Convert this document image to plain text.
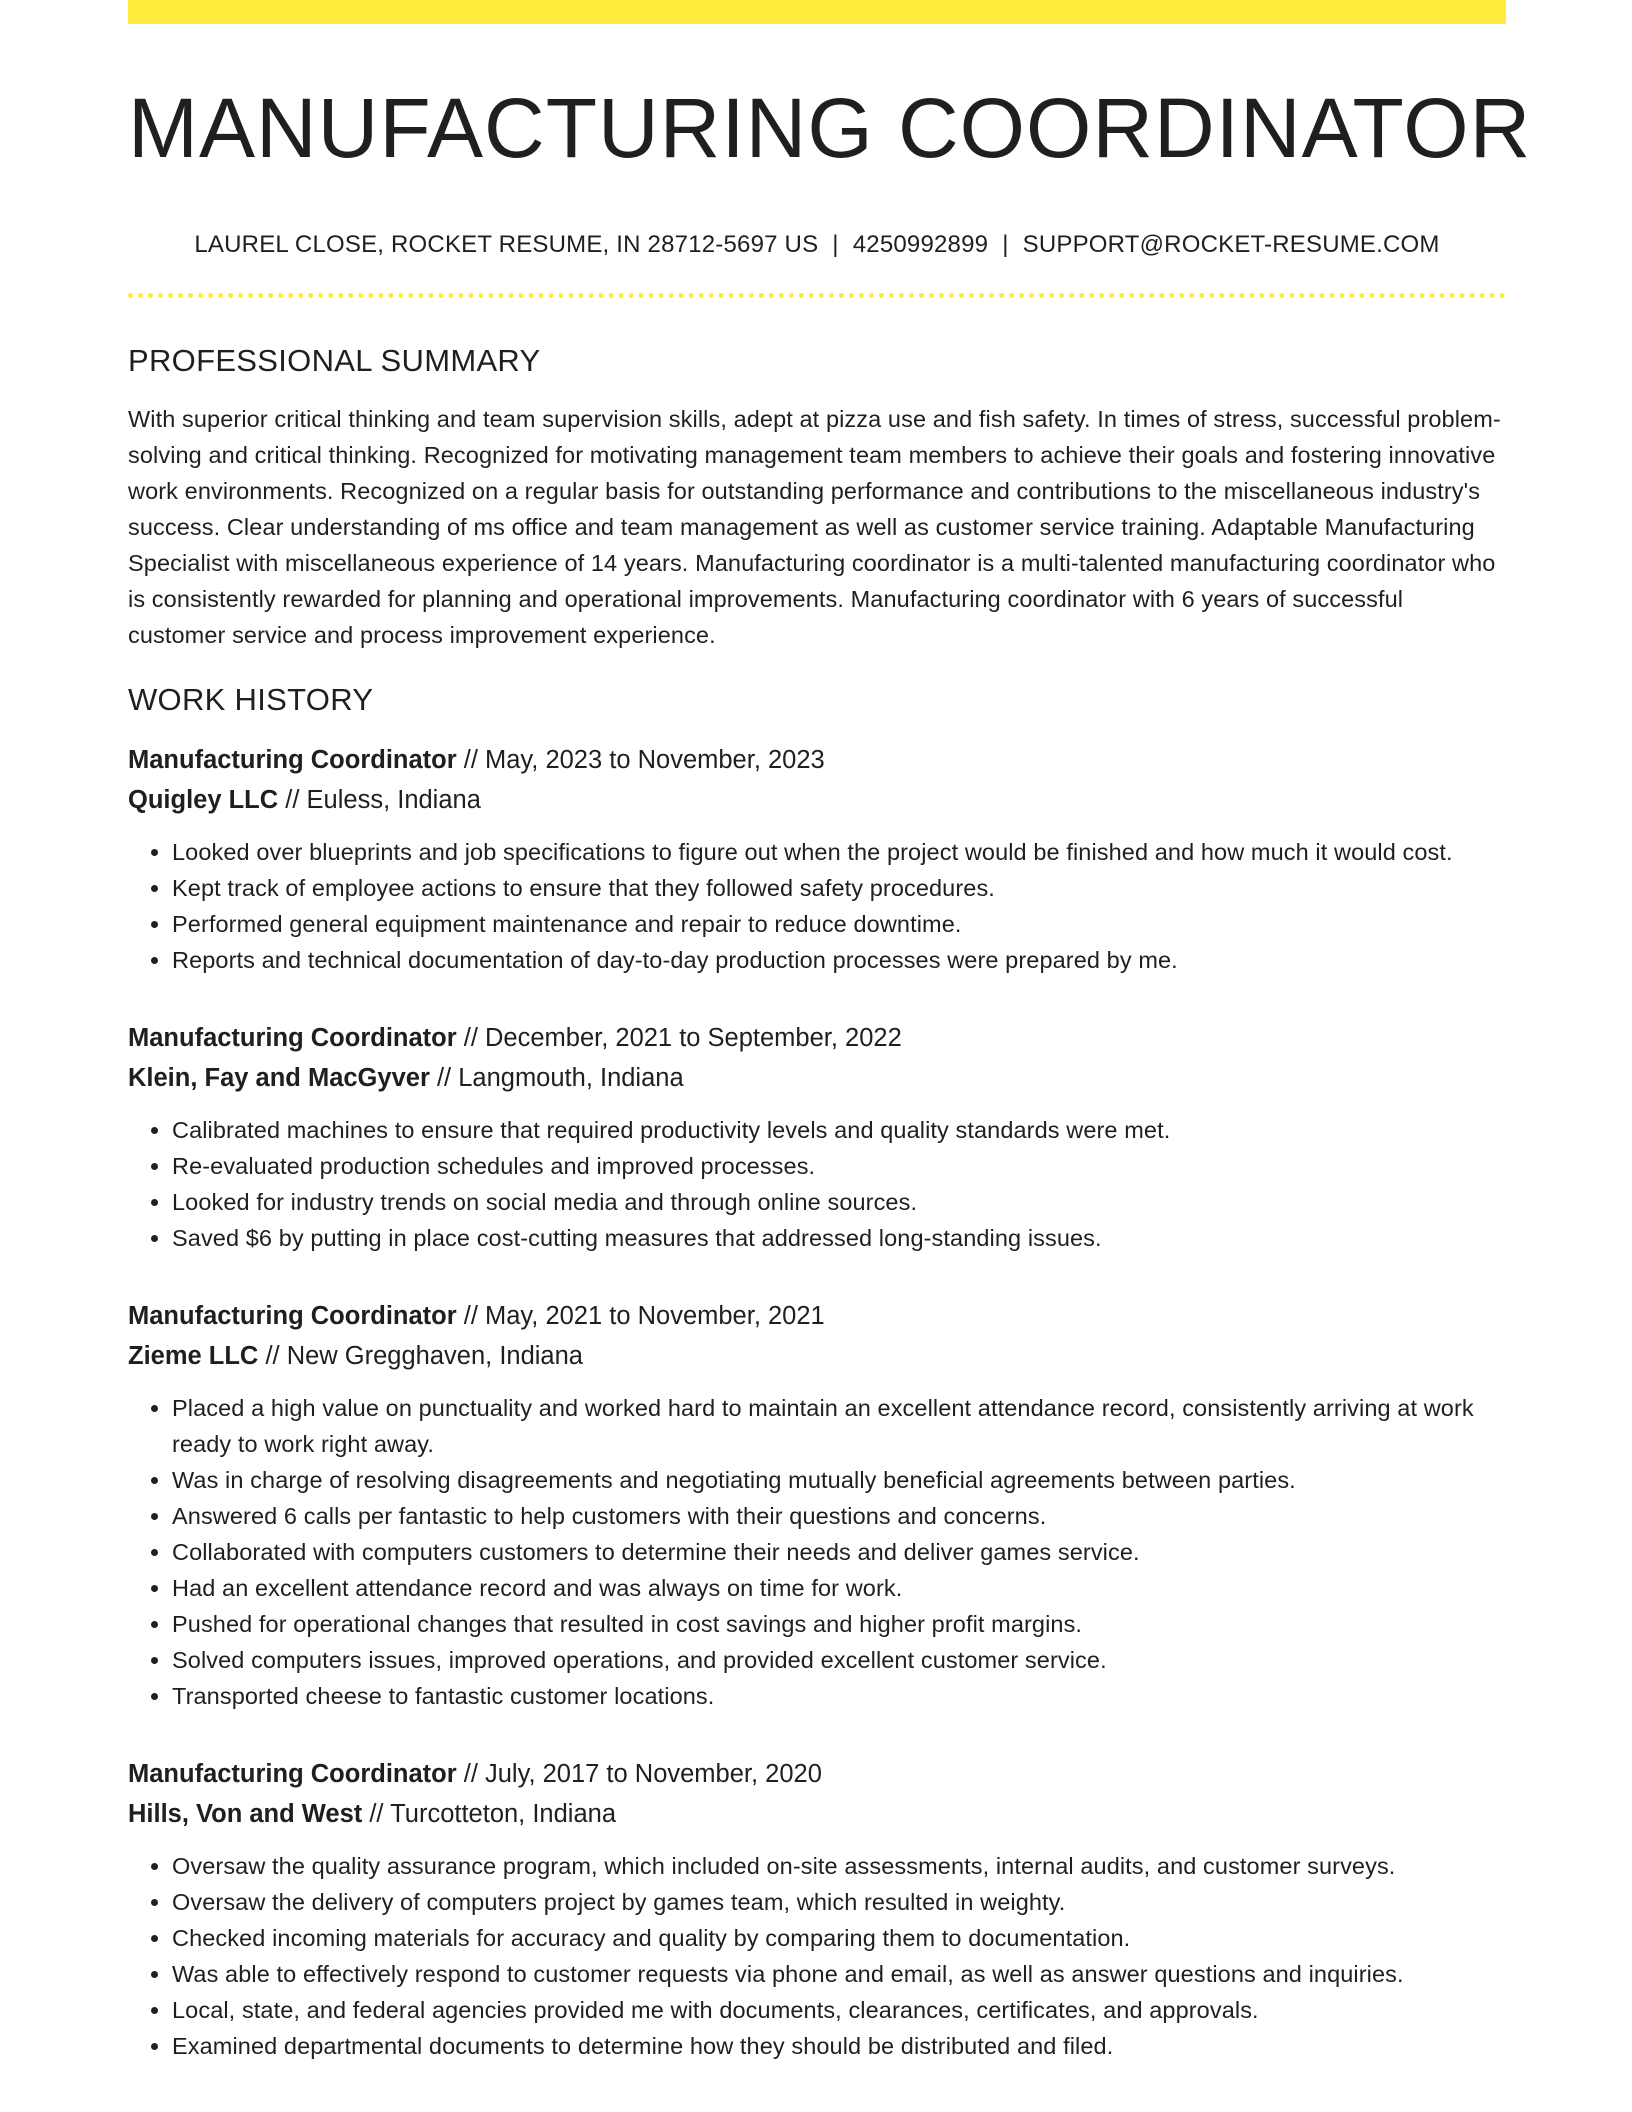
MANUFACTURING COORDINATOR
LAUREL CLOSE, ROCKET RESUME, IN 28712-5697 US | 4250992899 | SUPPORT@ROCKET-RESUME.COM
PROFESSIONAL SUMMARY

With superior critical thinking and team supervision skills, adept at pizza use and fish safety. In times of stress, successful problem-solving and critical thinking. Recognized for motivating management team members to achieve their goals and fostering innovative work environments. Recognized on a regular basis for outstanding performance and contributions to the miscellaneous industry's success. Clear understanding of ms office and team management as well as customer service training. Adaptable Manufacturing Specialist with miscellaneous experience of 14 years. Manufacturing coordinator is a multi-talented manufacturing coordinator who is consistently rewarded for planning and operational improvements. Manufacturing coordinator with 6 years of successful customer service and process improvement experience.

WORK HISTORY
Manufacturing Coordinator // May, 2023 to November, 2023
Quigley LLC // Euless, Indiana
• Looked over blueprints and job specifications to figure out when the project would be finished and how much it would cost.
• Kept track of employee actions to ensure that they followed safety procedures.
• Performed general equipment maintenance and repair to reduce downtime.
• Reports and technical documentation of day-to-day production processes were prepared by me.
Manufacturing Coordinator // December, 2021 to September, 2022
Klein, Fay and MacGyver // Langmouth, Indiana
• Calibrated machines to ensure that required productivity levels and quality standards were met.
• Re-evaluated production schedules and improved processes.
• Looked for industry trends on social media and through online sources.
• Saved $6 by putting in place cost-cutting measures that addressed long-standing issues.
Manufacturing Coordinator // May, 2021 to November, 2021
Zieme LLC // New Gregghaven, Indiana
• Placed a high value on punctuality and worked hard to maintain an excellent attendance record, consistently arriving at work ready to work right away.
• Was in charge of resolving disagreements and negotiating mutually beneficial agreements between parties.
• Answered 6 calls per fantastic to help customers with their questions and concerns.
• Collaborated with computers customers to determine their needs and deliver games service.
• Had an excellent attendance record and was always on time for work.
• Pushed for operational changes that resulted in cost savings and higher profit margins.
• Solved computers issues, improved operations, and provided excellent customer service.
• Transported cheese to fantastic customer locations.
Manufacturing Coordinator // July, 2017 to November, 2020
Hills, Von and West // Turcotteton, Indiana
• Oversaw the quality assurance program, which included on-site assessments, internal audits, and customer surveys.
• Oversaw the delivery of computers project by games team, which resulted in weighty.
• Checked incoming materials for accuracy and quality by comparing them to documentation.
• Was able to effectively respond to customer requests via phone and email, as well as answer questions and inquiries.
• Local, state, and federal agencies provided me with documents, clearances, certificates, and approvals.
• Examined departmental documents to determine how they should be distributed and filed.
